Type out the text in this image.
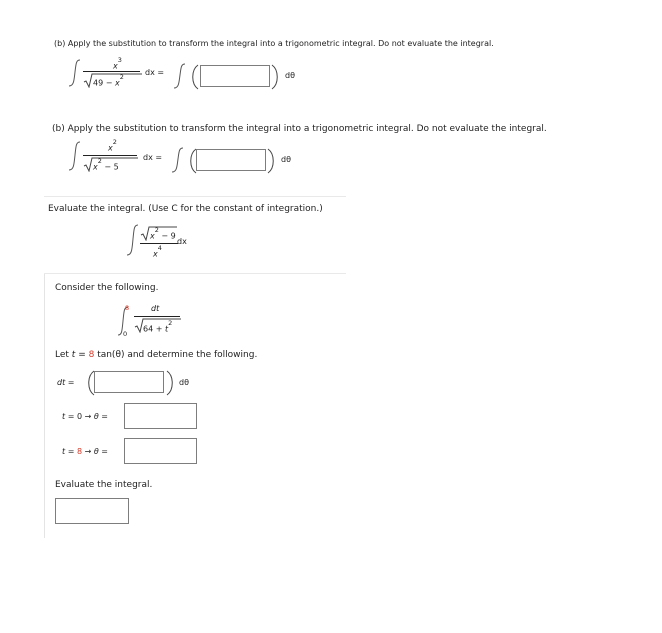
(b) Apply the substitution to transform the integral into a trigonometric integral. Do not evaluate the integral.
$x^3$
$49 - x^2$	dx =	dθ
(b) Apply the substitution to transform the integral into a trigonometric integral. Do not evaluate the integral.
$x^2$
$x^2 - 5$
dx =	dθ
Evaluate the integral. (Use C for the constant of integration.)
$x^2 - 9$
$x^4$
dx
Consider the following.
8
0
dt
$64 + t^2$
Let t = 8 tan(θ) and determine the following.
dt =	dθ
t = 0 → θ =
t = 8 → θ =
Evaluate the integral.
